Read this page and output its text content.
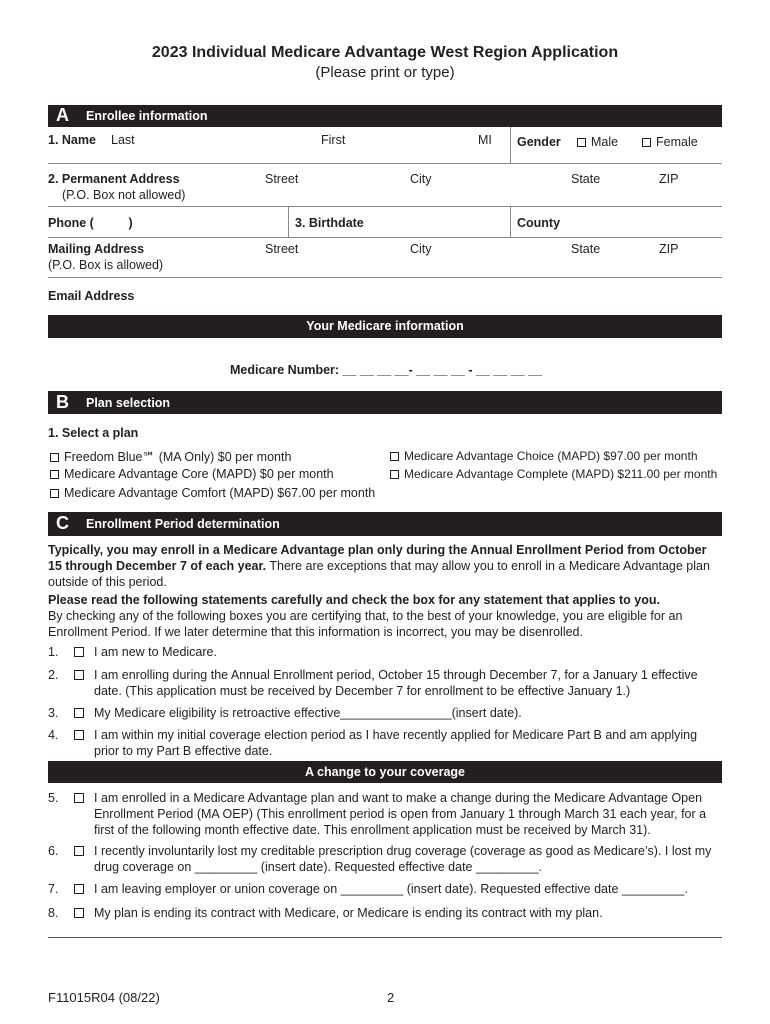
2023 Individual Medicare Advantage West Region Application
(Please print or type)
A Enrollee information
1. Name Last	First	MI Gender	Male	Female
2. Permanent Address
(P.O. Box not allowed)
Street	City	State	ZIP
Phone (          )	3. Birthdate	County
Mailing Address
(P.O. Box is allowed)
Street	City	State	ZIP
Email Address
Your Medicare information
Medicare Number: __ __ __ __- __ __ __ - __ __ __ __
B Plan selection
1. Select a plan
Freedom Blue℠ (MA Only) $0 per month
Medicare Advantage Core (MAPD) $0 per month
Medicare Advantage Comfort (MAPD) $67.00 per month
Medicare Advantage Choice (MAPD) $97.00 per month
Medicare Advantage Complete (MAPD) $211.00 per month
C Enrollment Period determination
Typically, you may enroll in a Medicare Advantage plan only during the Annual Enrollment Period from October 15 through December 7 of each year. There are exceptions that may allow you to enroll in a Medicare Advantage plan outside of this period.
Please read the following statements carefully and check the box for any statement that applies to you.
By checking any of the following boxes you are certifying that, to the best of your knowledge, you are eligible for an Enrollment Period. If we later determine that this information is incorrect, you may be disenrolled.
1.	I am new to Medicare.
2.	I am enrolling during the Annual Enrollment period, October 15 through December 7, for a January 1 effective date. (This application must be received by December 7 for enrollment to be effective January 1.)
3.	My Medicare eligibility is retroactive effective________________(insert date).
4.	I am within my initial coverage election period as I have recently applied for Medicare Part B and am applying prior to my Part B effective date.
A change to your coverage
5.	I am enrolled in a Medicare Advantage plan and want to make a change during the Medicare Advantage Open Enrollment Period (MA OEP) (This enrollment period is open from January 1 through March 31 each year, for a first of the following month effective date. This enrollment application must be received by March 31).
6.	I recently involuntarily lost my creditable prescription drug coverage (coverage as good as Medicare’s). I lost my drug coverage on _________ (insert date). Requested effective date _________.
7.	I am leaving employer or union coverage on _________ (insert date). Requested effective date _________.
8.	My plan is ending its contract with Medicare, or Medicare is ending its contract with my plan.
F11015R04 (08/22)	2
